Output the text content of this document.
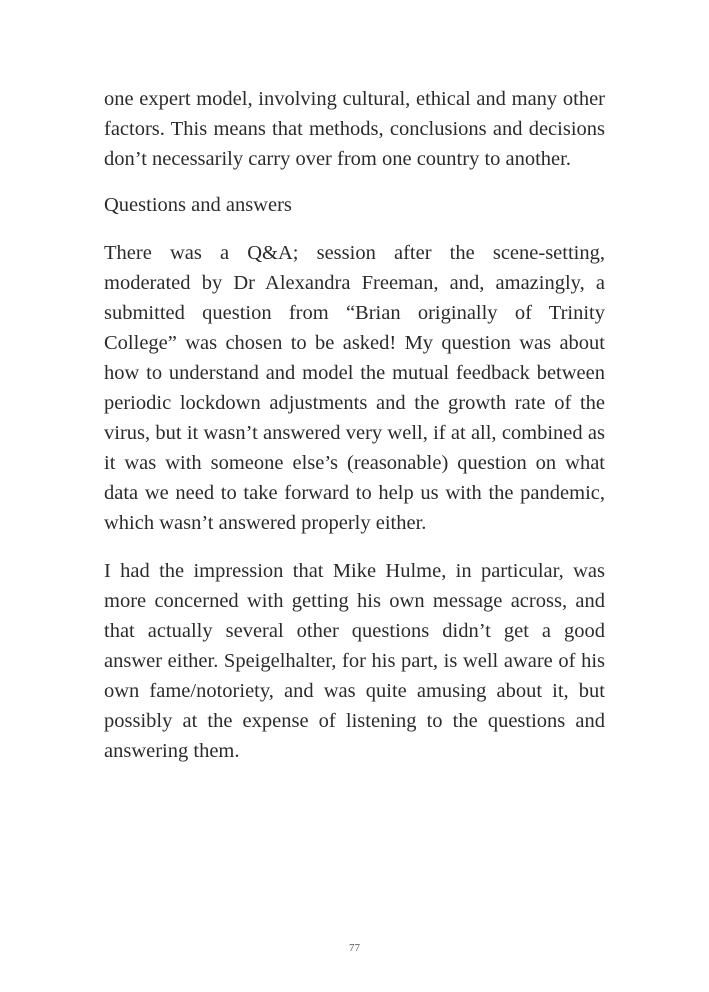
one expert model, involving cultural, ethical and many other factors. This means that methods, conclusions and decisions don’t necessarily carry over from one country to another.

Questions and answers

There was a Q&A; session after the scene-setting, moderated by Dr Alexandra Freeman, and, amazingly, a submitted question from “Brian originally of Trinity College” was chosen to be asked! My question was about how to understand and model the mutual feedback between periodic lockdown adjustments and the growth rate of the virus, but it wasn’t answered very well, if at all, combined as it was with someone else’s (reasonable) question on what data we need to take forward to help us with the pandemic, which wasn’t answered properly either.

I had the impression that Mike Hulme, in particular, was more concerned with getting his own message across, and that actually several other questions didn’t get a good answer either. Speigelhalter, for his part, is well aware of his own fame/notoriety, and was quite amusing about it, but possibly at the expense of listening to the questions and answering them.

77
